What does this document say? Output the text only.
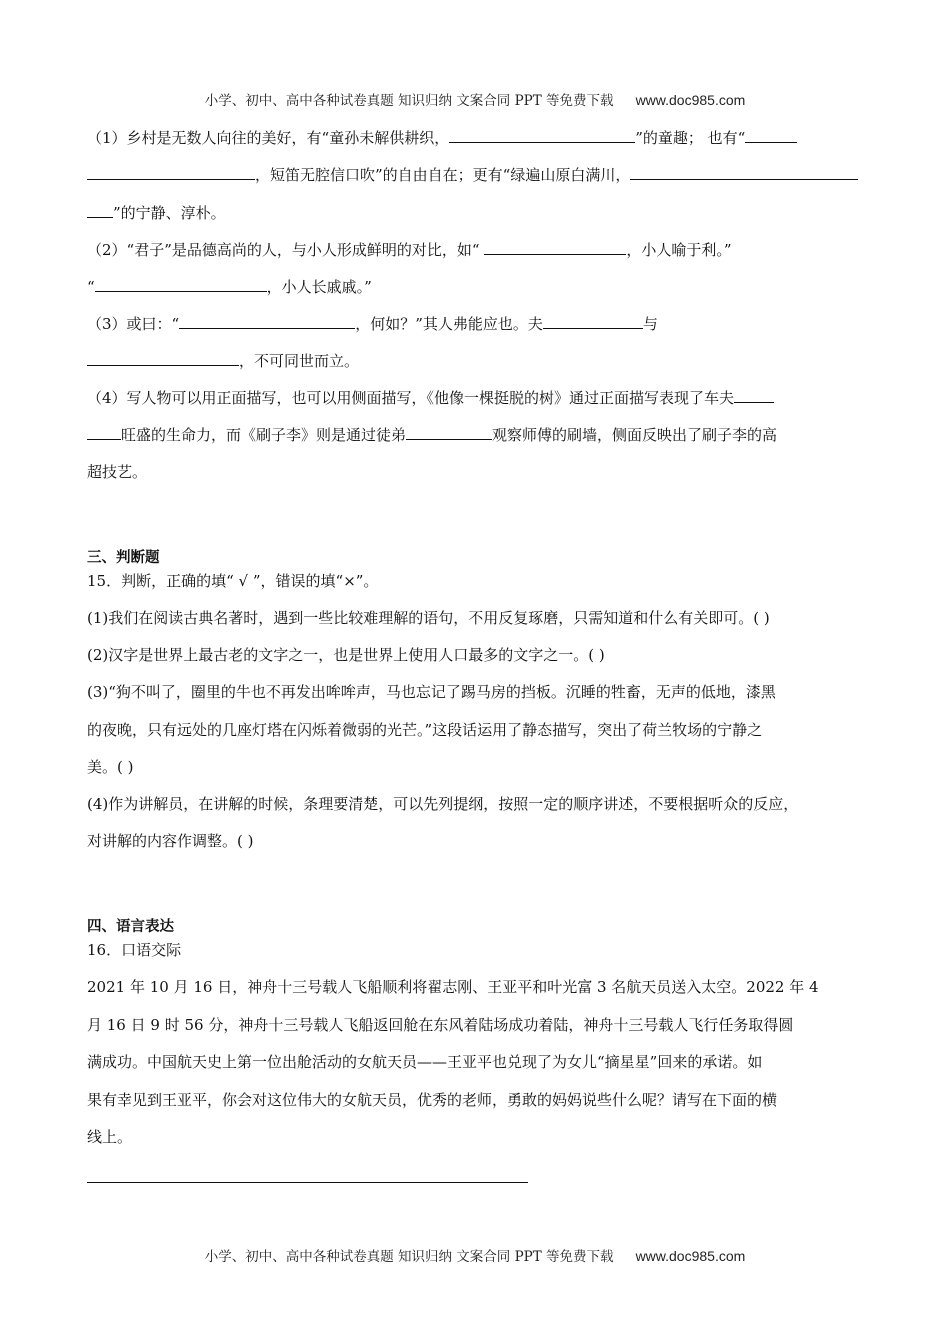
小学、初中、高中各种试卷真题 知识归纳 文案合同 PPT 等免费下载 www.doc985.com
（1）乡村是无数人向往的美好，有“童孙未解供耕织，	”的童趣； 也有“
，短笛无腔信口吹”的自由自在；更有“绿遍山原白满川，
”的宁静、淳朴。
（2）“君子”是品德高尚的人，与小人形成鲜明的对比，如“	，小人喻于利。”
“	，小人长戚戚。”
（3）或曰：“	，何如？”其人弗能应也。夫	与
，不可同世而立。
（4）写人物可以用正面描写，也可以用侧面描写，《他像一棵挺脱的树》通过正面描写表现了车夫
旺盛的生命力，而《刷子李》则是通过徒弟	观察师傅的刷墙，侧面反映出了刷子李的高
超技艺。
三、判断题
15．判断，正确的填“ √ ”，错误的填“×”。
(1)我们在阅读古典名著时，遇到一些比较难理解的语句，不用反复琢磨，只需知道和什么有关即可。( )
(2)汉字是世界上最古老的文字之一，也是世界上使用人口最多的文字之一。( )
(3)“狗不叫了，圈里的牛也不再发出哞哞声，马也忘记了踢马房的挡板。沉睡的牲畜，无声的低地，漆黑
的夜晚，只有远处的几座灯塔在闪烁着微弱的光芒。”这段话运用了静态描写，突出了荷兰牧场的宁静之
美。( )
(4)作为讲解员，在讲解的时候，条理要清楚，可以先列提纲，按照一定的顺序讲述，不要根据听众的反应，
对讲解的内容作调整。( )
四、语言表达
16．口语交际
2021 年 10 月 16 日，神舟十三号载人飞船顺利将翟志刚、王亚平和叶光富 3 名航天员送入太空。2022 年 4
月 16 日 9 时 56 分，神舟十三号载人飞船返回舱在东风着陆场成功着陆，神舟十三号载人飞行任务取得圆
满成功。中国航天史上第一位出舱活动的女航天员——王亚平也兑现了为女儿“摘星星”回来的承诺。如
果有幸见到王亚平，你会对这位伟大的女航天员，优秀的老师，勇敢的妈妈说些什么呢？请写在下面的横
线上。
小学、初中、高中各种试卷真题 知识归纳 文案合同 PPT 等免费下载 www.doc985.com
